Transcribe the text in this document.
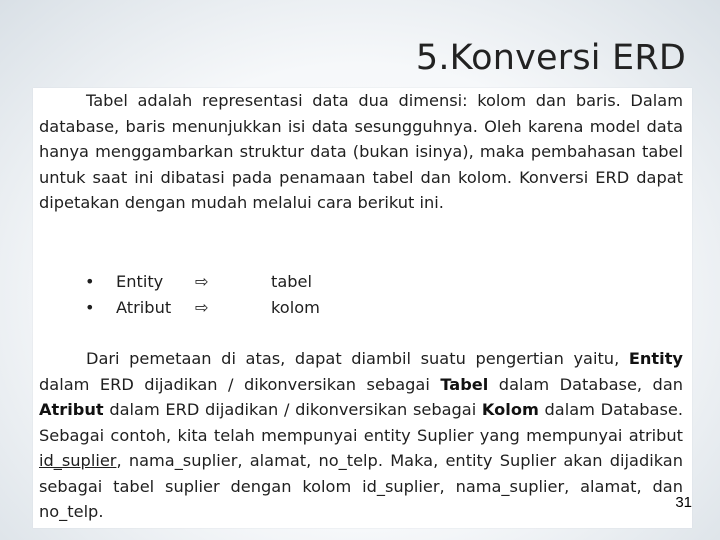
5.Konversi ERD
Tabel adalah representasi data dua dimensi: kolom dan baris. Dalam database, baris menunjukkan isi data sesungguhnya. Oleh karena model data hanya menggambarkan struktur data (bukan isinya), maka pembahasan tabel untuk saat ini dibatasi pada penamaan tabel dan kolom. Konversi ERD dapat dipetakan dengan mudah melalui cara berikut ini.
•	Entity ⇨	tabel
•	Atribut ⇨	kolom
Dari pemetaan di atas, dapat diambil suatu pengertian yaitu, Entity dalam ERD dijadikan / dikonversikan sebagai Tabel dalam Database, dan Atribut dalam ERD dijadikan / dikonversikan sebagai Kolom dalam Database. Sebagai contoh, kita telah mempunyai entity Suplier yang mempunyai atribut id_suplier, nama_suplier, alamat, no_telp. Maka, entity Suplier akan dijadikan sebagai tabel suplier dengan kolom id_suplier, nama_suplier, alamat, dan no_telp.	31
